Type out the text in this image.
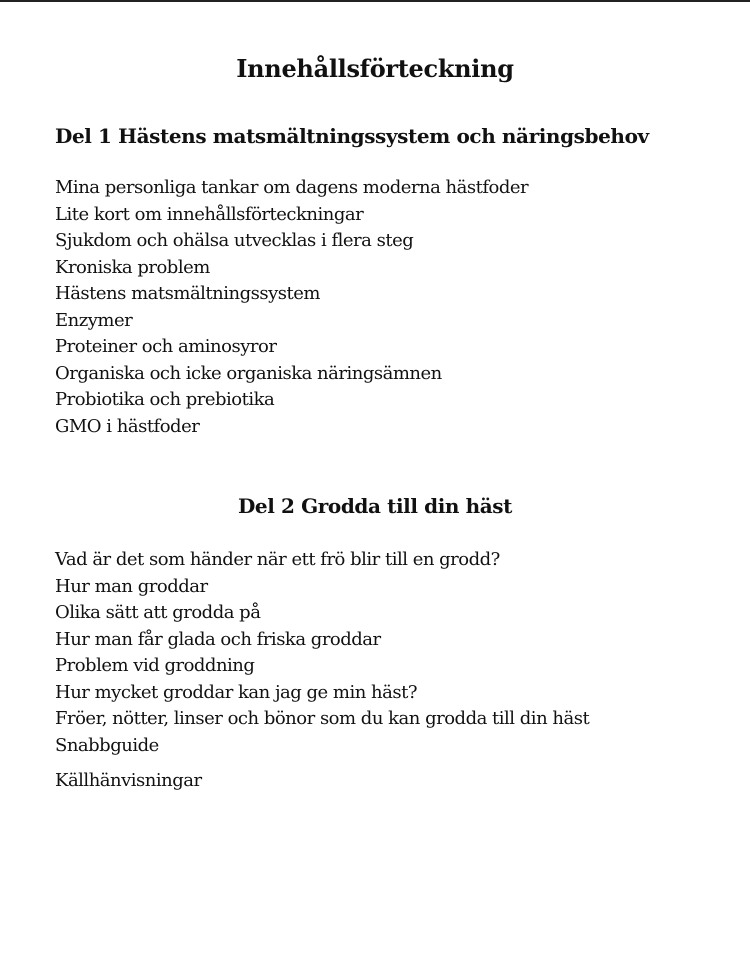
Innehållsförteckning
Del 1 Hästens matsmältningssystem och näringsbehov
Mina personliga tankar om dagens moderna hästfoder
Lite kort om innehållsförteckningar
Sjukdom och ohälsa utvecklas i flera steg
Kroniska problem
Hästens matsmältningssystem
Enzymer
Proteiner och aminosyror
Organiska och icke organiska näringsämnen
Probiotika och prebiotika
GMO i hästfoder
Del 2 Grodda till din häst
Vad är det som händer när ett frö blir till en grodd?
Hur man groddar
Olika sätt att grodda på
Hur man får glada och friska groddar
Problem vid groddning
Hur mycket groddar kan jag ge min häst?
Fröer, nötter, linser och bönor som du kan grodda till din häst
Snabbguide

Källhänvisningar
